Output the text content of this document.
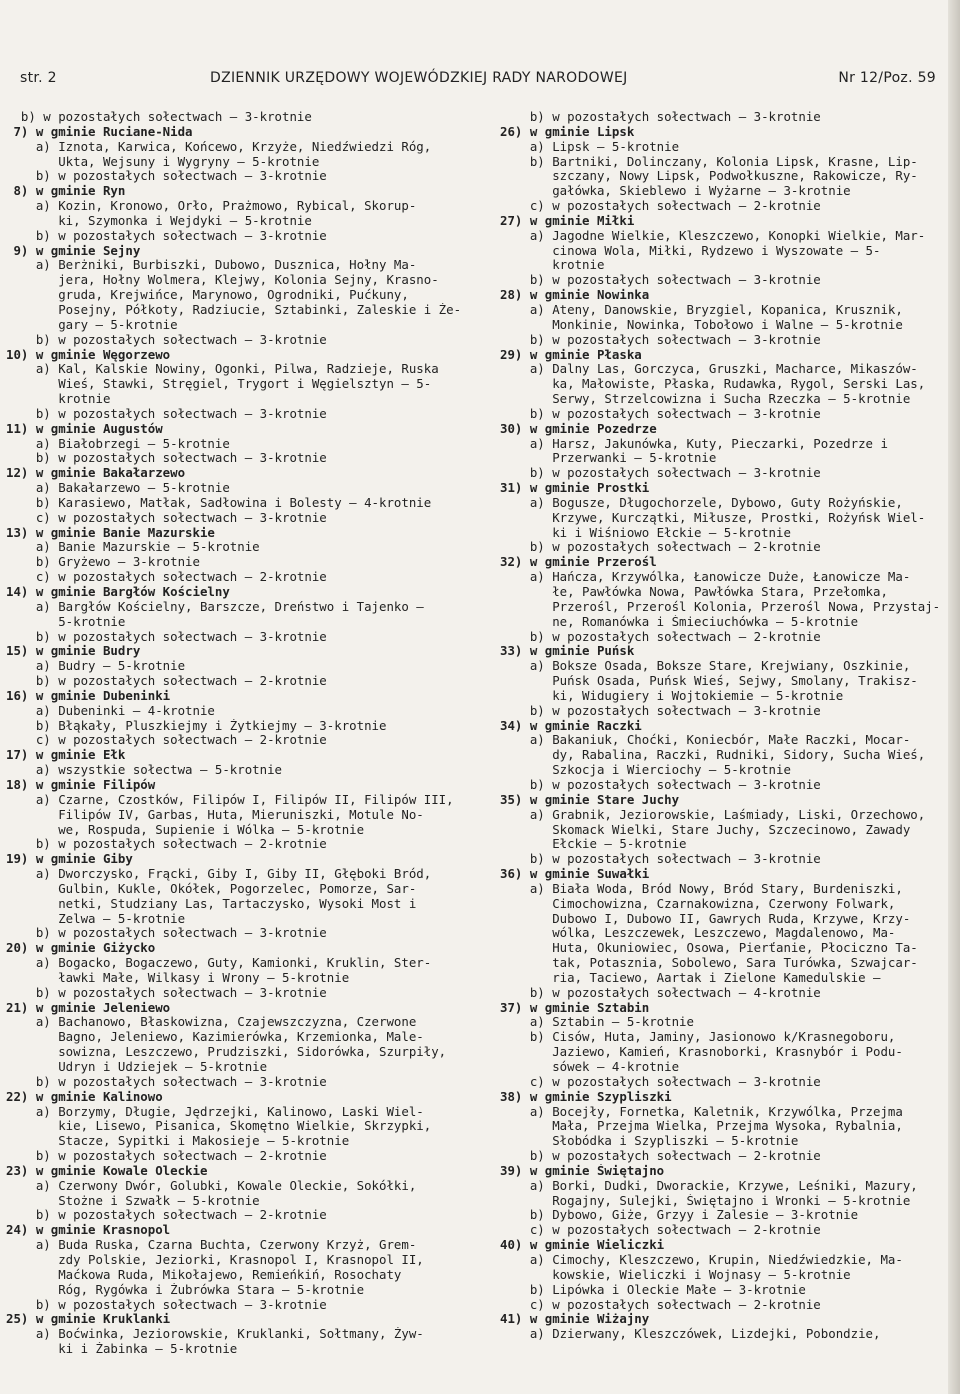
str. 2	DZIENNIK URZĘDOWY WOJEWÓDZKIEJ RADY NARODOWEJ	Nr 12/Poz. 59
b) w pozostałych sołectwach — 3-krotnie
7) w gminie Ruciane-Nida
a) Iznota, Karwica, Końcewo, Krzyże, Niedźwiedzi Róg,
Ukta, Wejsuny i Wygryny — 5-krotnie
b) w pozostałych sołectwach — 3-krotnie
8) w gminie Ryn
a) Kozin, Kronowo, Orło, Prażmowo, Rybical, Skorup-
ki, Szymonka i Wejdyki — 5-krotnie
b) w pozostałych sołectwach — 3-krotnie
9) w gminie Sejny
a) Berżniki, Burbiszki, Dubowo, Dusznica, Hołny Ma-
jera, Hołny Wolmera, Klejwy, Kolonia Sejny, Krasno-
gruda, Krejwińce, Marynowo, Ogrodniki, Pućkuny,
Posejny, Półkoty, Radziucie, Sztabinki, Zaleskie i Że-
gary — 5-krotnie
b) w pozostałych sołectwach — 3-krotnie
10) w gminie Węgorzewo
a) Kal, Kalskie Nowiny, Ogonki, Pilwa, Radzieje, Ruska
Wieś, Stawki, Stręgiel, Trygort i Węgielsztyn — 5-
krotnie
b) w pozostałych sołectwach — 3-krotnie
11) w gminie Augustów
a) Białobrzegi — 5-krotnie
b) w pozostałych sołectwach — 3-krotnie
12) w gminie Bakałarzewo
a) Bakałarzewo — 5-krotnie
b) Karasiewo, Matłak, Sadłowina i Bolesty — 4-krotnie
c) w pozostałych sołectwach — 3-krotnie
13) w gminie Banie Mazurskie
a) Banie Mazurskie — 5-krotnie
b) Gryżewo — 3-krotnie
c) w pozostałych sołectwach — 2-krotnie
14) w gminie Bargłów Kościelny
a) Bargłów Kościelny, Barszcze, Dreństwo i Tajenko —
5-krotnie
b) w pozostałych sołectwach — 3-krotnie
15) w gminie Budry
a) Budry — 5-krotnie
b) w pozostałych sołectwach — 2-krotnie
16) w gminie Dubeninki
a) Dubeninki — 4-krotnie
b) Błąkały, Pluszkiejmy i Żytkiejmy — 3-krotnie
c) w pozostałych sołectwach — 2-krotnie
17) w gminie Ełk
a) wszystkie sołectwa — 5-krotnie
18) w gminie Filipów
a) Czarne, Czostków, Filipów I, Filipów II, Filipów III,
Filipów IV, Garbas, Huta, Mieruniszki, Motule No-
we, Rospuda, Supienie i Wólka — 5-krotnie
b) w pozostałych sołectwach — 2-krotnie
19) w gminie Giby
a) Dworczysko, Frącki, Giby I, Giby II, Głęboki Bród,
Gulbin, Kukle, Okółek, Pogorzelec, Pomorze, Sar-
netki, Studziany Las, Tartaczysko, Wysoki Most i
Zelwa — 5-krotnie
b) w pozostałych sołectwach — 3-krotnie
20) w gminie Giżycko
a) Bogacko, Bogaczewo, Guty, Kamionki, Kruklin, Ster-
ławki Małe, Wilkasy i Wrony — 5-krotnie
b) w pozostałych sołectwach — 3-krotnie
21) w gminie Jeleniewo
a) Bachanowo, Błaskowizna, Czajewszczyzna, Czerwone
Bagno, Jeleniewo, Kazimierówka, Krzemionka, Male-
sowizna, Leszczewo, Prudziszki, Sidorówka, Szurpiły,
Udryn i Udziejek — 5-krotnie
b) w pozostałych sołectwach — 3-krotnie
22) w gminie Kalinowo
a) Borzymy, Długie, Jędrzejki, Kalinowo, Laski Wiel-
kie, Lisewo, Pisanica, Skomętno Wielkie, Skrzypki,
Stacze, Sypitki i Makosieje — 5-krotnie
b) w pozostałych sołectwach — 2-krotnie
23) w gminie Kowale Oleckie
a) Czerwony Dwór, Golubki, Kowale Oleckie, Sokółki,
Stożne i Szwałk — 5-krotnie
b) w pozostałych sołectwach — 2-krotnie
24) w gminie Krasnopol
a) Buda Ruska, Czarna Buchta, Czerwony Krzyż, Grem-
zdy Polskie, Jeziorki, Krasnopol I, Krasnopol II,
Maćkowa Ruda, Mikołajewo, Remieńkiń, Rosochaty
Róg, Rygówka i Żubrówka Stara — 5-krotnie
b) w pozostałych sołectwach — 3-krotnie
25) w gminie Kruklanki
a) Boćwinka, Jeziorowskie, Kruklanki, Sołtmany, Żyw-
ki i Żabinka — 5-krotnie
b) w pozostałych sołectwach — 3-krotnie
26) w gminie Lipsk
a) Lipsk — 5-krotnie
b) Bartniki, Dolinczany, Kolonia Lipsk, Krasne, Lip-
szczany, Nowy Lipsk, Podwołkuszne, Rakowicze, Ry-
gałówka, Skieblewo i Wyżarne — 3-krotnie
c) w pozostałych sołectwach — 2-krotnie
27) w gminie Miłki
a) Jagodne Wielkie, Kleszczewo, Konopki Wielkie, Mar-
cinowa Wola, Miłki, Rydzewo i Wyszowate — 5-
krotnie
b) w pozostałych sołectwach — 3-krotnie
28) w gminie Nowinka
a) Ateny, Danowskie, Bryzgiel, Kopanica, Krusznik,
Monkinie, Nowinka, Tobołowo i Walne — 5-krotnie
b) w pozostałych sołectwach — 3-krotnie
29) w gminie Płaska
a) Dalny Las, Gorczyca, Gruszki, Macharce, Mikaszów-
ka, Małowiste, Płaska, Rudawka, Rygol, Serski Las,
Serwy, Strzelcowizna i Sucha Rzeczka — 5-krotnie
b) w pozostałych sołectwach — 3-krotnie
30) w gminie Pozedrze
a) Harsz, Jakunówka, Kuty, Pieczarki, Pozedrze i
Przerwanki — 5-krotnie
b) w pozostałych sołectwach — 3-krotnie
31) w gminie Prostki
a) Bogusze, Długochorzele, Dybowo, Guty Rożyńskie,
Krzywe, Kurczątki, Miłusze, Prostki, Rożyńsk Wiel-
ki i Wiśniowo Ełckie — 5-krotnie
b) w pozostałych sołectwach — 2-krotnie
32) w gminie Przerośl
a) Hańcza, Krzywólka, Łanowicze Duże, Łanowicze Ma-
łe, Pawłówka Nowa, Pawłówka Stara, Przełomka,
Przerośl, Przerośl Kolonia, Przerośl Nowa, Przystaj-
ne, Romanówka i Śmieciuchówka — 5-krotnie
b) w pozostałych sołectwach — 2-krotnie
33) w gminie Puńsk
a) Boksze Osada, Boksze Stare, Krejwiany, Oszkinie,
Puńsk Osada, Puńsk Wieś, Sejwy, Smolany, Trakisz-
ki, Widugiery i Wojtokiemie — 5-krotnie
b) w pozostałych sołectwach — 3-krotnie
34) w gminie Raczki
a) Bakaniuk, Choćki, Koniecbór, Małe Raczki, Mocar-
dy, Rabalina, Raczki, Rudniki, Sidory, Sucha Wieś,
Szkocja i Wierciochy — 5-krotnie
b) w pozostałych sołectwach — 3-krotnie
35) w gminie Stare Juchy
a) Grabnik, Jeziorowskie, Laśmiady, Liski, Orzechowo,
Skomack Wielki, Stare Juchy, Szczecinowo, Zawady
Ełckie — 5-krotnie
b) w pozostałych sołectwach — 3-krotnie
36) w gminie Suwałki
a) Biała Woda, Bród Nowy, Bród Stary, Burdeniszki,
Cimochowizna, Czarnakowizna, Czerwony Folwark,
Dubowo I, Dubowo II, Gawrych Ruda, Krzywe, Krzy-
wólka, Leszczewek, Leszczewo, Magdalenowo, Ma-
Huta, Okuniowiec, Osowa, Pierťanie, Płociczno Ta-
tak, Potasznia, Sobolewo, Sara Turówka, Szwajcar-
ria, Taciewo, Aartak i Zielone Kamedulskie —
b) w pozostałych sołectwach — 4-krotnie
37) w gminie Sztabin
a) Sztabin — 5-krotnie
b) Cisów, Huta, Jaminy, Jasionowo k/Krasnegoboru,
Jaziewo, Kamień, Krasnoborki, Krasnybór i Podu-
sówek — 4-krotnie
c) w pozostałych sołectwach — 3-krotnie
38) w gminie Szypliszki
a) Bocejły, Fornetka, Kaletnik, Krzywólka, Przejma
Mała, Przejma Wielka, Przejma Wysoka, Rybalnia,
Słobódka i Szypliszki — 5-krotnie
b) w pozostałych sołectwach — 2-krotnie
39) w gminie Świętajno
a) Borki, Dudki, Dworackie, Krzywe, Leśniki, Mazury,
Rogajny, Sulejki, Świętajno i Wronki — 5-krotnie
b) Dybowo, Giże, Grzyy i Zalesie — 3-krotnie
c) w pozostałych sołectwach — 2-krotnie
40) w gminie Wieliczki
a) Cimochy, Kleszczewo, Krupin, Niedźwiedzkie, Ma-
kowskie, Wieliczki i Wojnasy — 5-krotnie
b) Lipówka i Oleckie Małe — 3-krotnie
c) w pozostałych sołectwach — 2-krotnie
41) w gminie Wiżajny
a) Dzierwany, Kleszczówek, Lizdejki, Pobondzie,
